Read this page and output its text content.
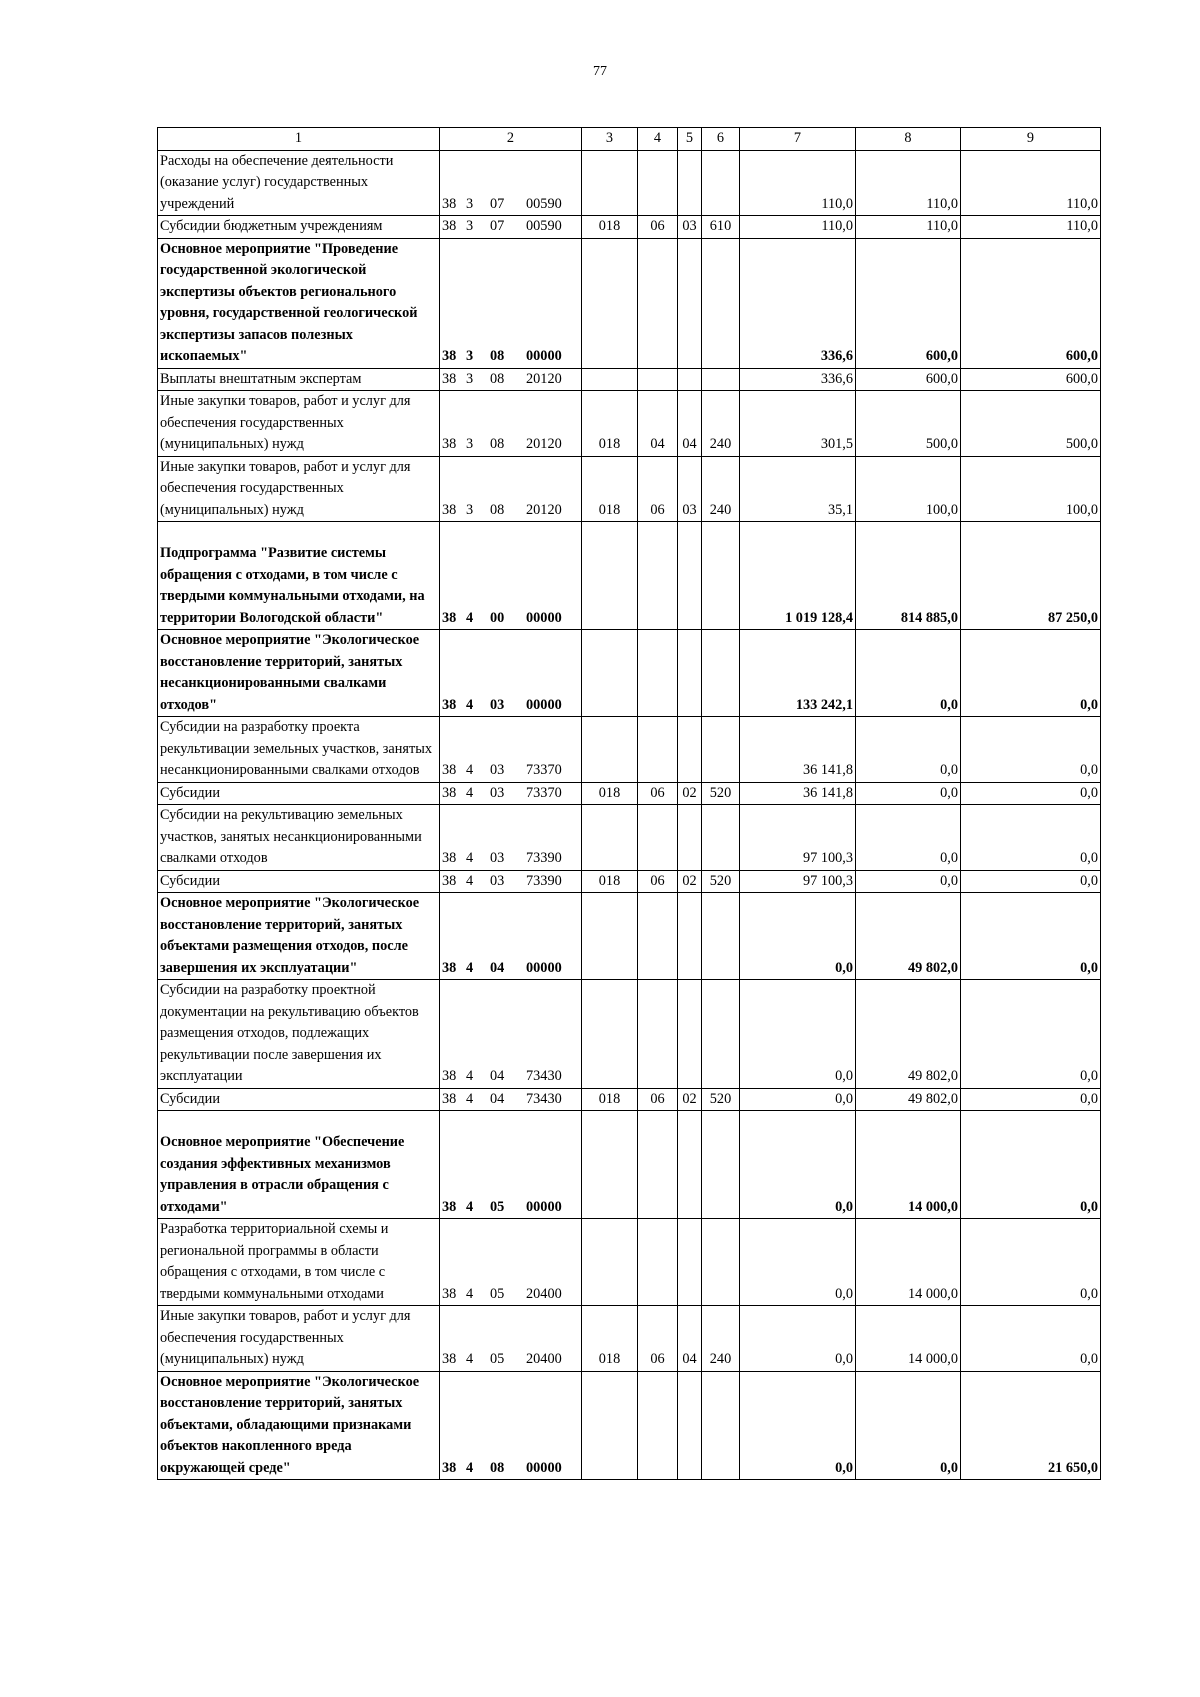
77
1	2	3	4	5	6	7	8	9
Расходы на обеспечение деятельности (оказание услуг) государственных учреждений	38 3 07 00590					110,0	110,0	110,0
Субсидии бюджетным учреждениям	38 3 07 00590	018	06	03	610	110,0	110,0	110,0
Основное мероприятие "Проведение государственной экологической экспертизы объектов регионального уровня, государственной геологической экспертизы запасов полезных ископаемых"	38 3 08 00000					336,6	600,0	600,0
Выплаты внештатным экспертам	38 3 08 20120					336,6	600,0	600,0
Иные закупки товаров, работ и услуг для обеспечения государственных (муниципальных) нужд	38 3 08 20120	018	04	04	240	301,5	500,0	500,0
Иные закупки товаров, работ и услуг для обеспечения государственных (муниципальных) нужд	38 3 08 20120	018	06	03	240	35,1	100,0	100,0

Подпрограмма "Развитие системы обращения с отходами, в том числе с твердыми коммунальными отходами, на территории Вологодской области"	38 4 00 00000					1 019 128,4	814 885,0	87 250,0
Основное мероприятие "Экологическое восстановление территорий, занятых несанкционированными свалками отходов"	38 4 03 00000					133 242,1	0,0	0,0
Субсидии на разработку проекта рекультивации земельных участков, занятых несанкционированными свалками отходов	38 4 03 73370					36 141,8	0,0	0,0
Субсидии	38 4 03 73370	018	06	02	520	36 141,8	0,0	0,0
Субсидии на рекультивацию земельных участков, занятых несанкционированными свалками отходов	38 4 03 73390					97 100,3	0,0	0,0
Субсидии	38 4 03 73390	018	06	02	520	97 100,3	0,0	0,0
Основное мероприятие "Экологическое восстановление территорий, занятых объектами размещения отходов, после завершения их эксплуатации"	38 4 04 00000					0,0	49 802,0	0,0
Субсидии на разработку проектной документации на рекультивацию объектов размещения отходов, подлежащих рекультивации после завершения их эксплуатации	38 4 04 73430					0,0	49 802,0	0,0
Субсидии	38 4 04 73430	018	06	02	520	0,0	49 802,0	0,0

Основное мероприятие "Обеспечение создания эффективных механизмов управления в отрасли обращения с отходами"	38 4 05 00000					0,0	14 000,0	0,0
Разработка территориальной схемы и региональной программы в области обращения с отходами, в том числе с твердыми коммунальными отходами	38 4 05 20400					0,0	14 000,0	0,0
Иные закупки товаров, работ и услуг для обеспечения государственных (муниципальных) нужд	38 4 05 20400	018	06	04	240	0,0	14 000,0	0,0
Основное мероприятие "Экологическое восстановление территорий, занятых объектами, обладающими признаками объектов накопленного вреда окружающей среде"	38 4 08 00000					0,0	0,0	21 650,0
